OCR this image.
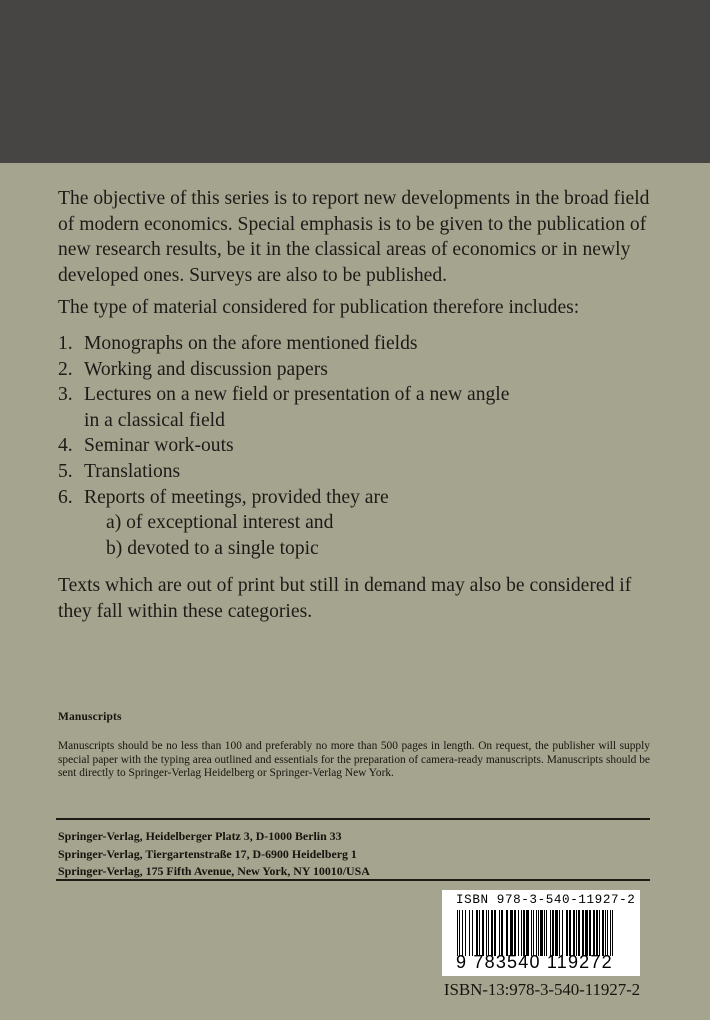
The objective of this series is to report new developments in the broad field of modern economics. Special emphasis is to be given to the publication of new research results, be it in the classical areas of economics or in newly developed ones. Surveys are also to be published.

The type of material considered for publication therefore includes:

1. Monographs on the afore mentioned fields
2. Working and discussion papers
3. Lectures on a new field or presentation of a new angle
in a classical field
4. Seminar work-outs
5. Translations
6. Reports of meetings, provided they are
a) of exceptional interest and
b) devoted to a single topic

Texts which are out of print but still in demand may also be considered if they fall within these categories.

Manuscripts

Manuscripts should be no less than 100 and preferably no more than 500 pages in length. On request, the publisher will supply special paper with the typing area outlined and essentials for the preparation of camera-ready manuscripts. Manuscripts should be sent directly to Springer-Verlag Heidelberg or Springer-Verlag New York.

Springer-Verlag, Heidelberger Platz 3, D-1000 Berlin 33
Springer-Verlag, Tiergartenstraße 17, D-6900 Heidelberg 1
Springer-Verlag, 175 Fifth Avenue, New York, NY 10010/USA
ISBN 978-3-540-11927-2
9 783540 119272
ISBN-13:978-3-540-11927-2
